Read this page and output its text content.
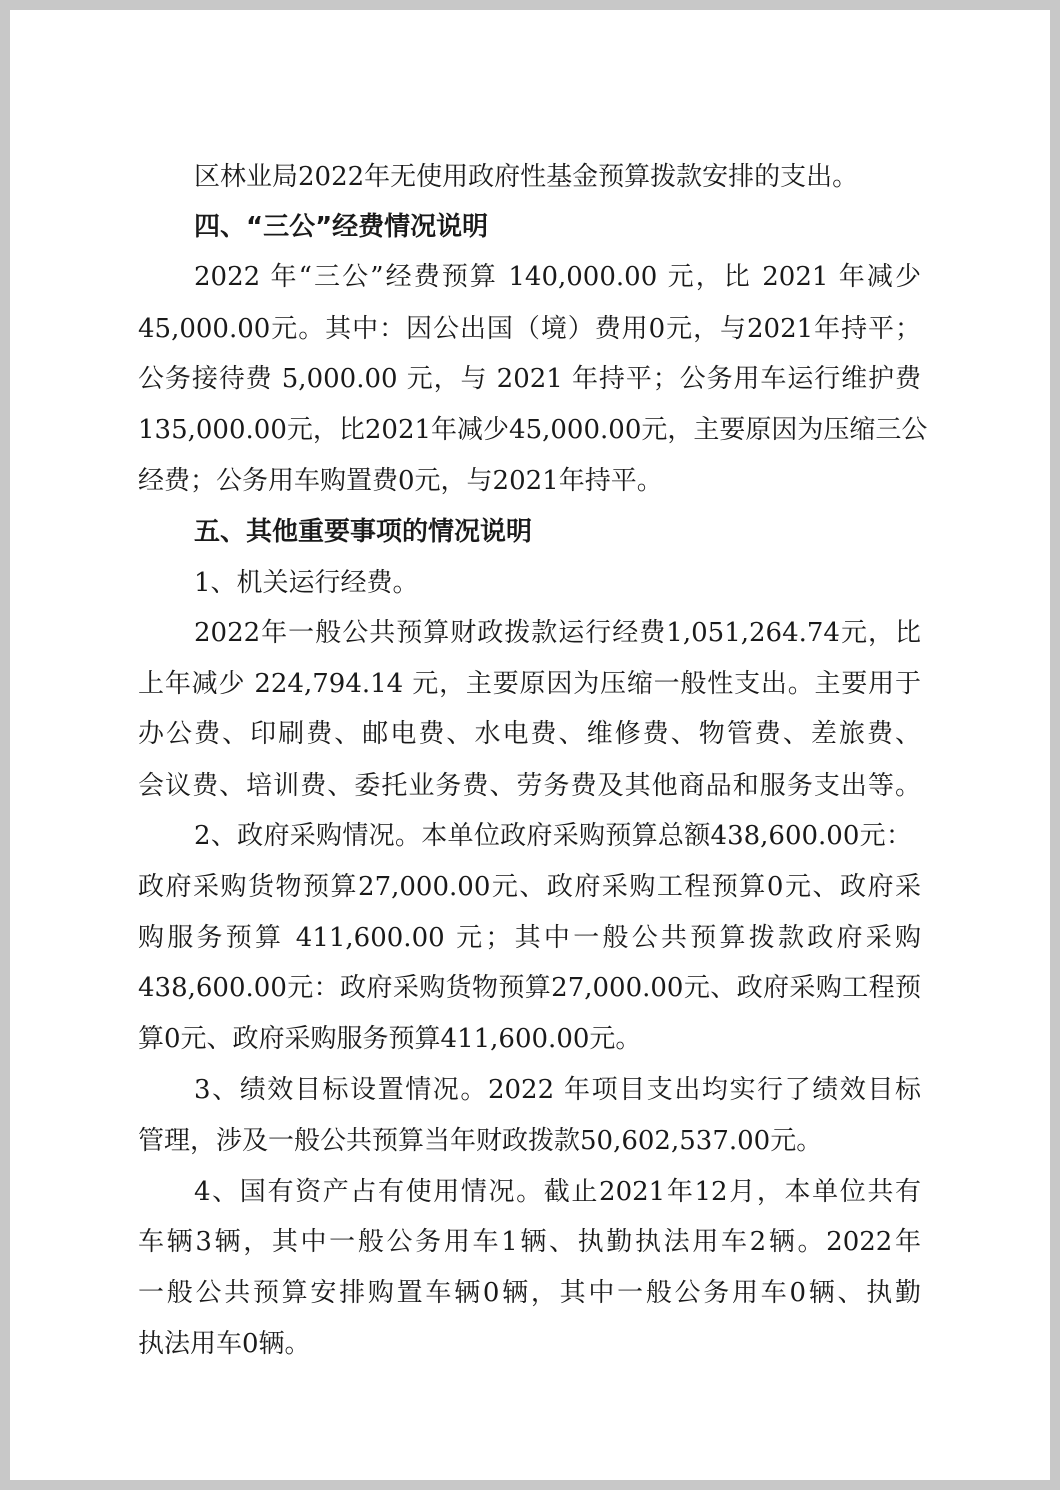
区林业局2022年无使用政府性基金预算拨款安排的支出。
四、“三公”经费情况说明
2022 年“三公”经费预算 140,000.00 元，比 2021 年减少
45,000.00元。其中：因公出国（境）费用0元，与2021年持平；
公务接待费 5,000.00 元，与 2021 年持平；公务用车运行维护费
135,000.00元，比2021年减少45,000.00元，主要原因为压缩三公
经费；公务用车购置费0元，与2021年持平。
五、其他重要事项的情况说明
1、机关运行经费。
2022年一般公共预算财政拨款运行经费1,051,264.74元，比
上年减少 224,794.14 元，主要原因为压缩一般性支出。主要用于
办公费、印刷费、邮电费、水电费、维修费、物管费、差旅费、
会议费、培训费、委托业务费、劳务费及其他商品和服务支出等。
2、政府采购情况。本单位政府采购预算总额438,600.00元：
政府采购货物预算27,000.00元、政府采购工程预算0元、政府采
购服务预算 411,600.00 元；其中一般公共预算拨款政府采购
438,600.00元：政府采购货物预算27,000.00元、政府采购工程预
算0元、政府采购服务预算411,600.00元。
3、绩效目标设置情况。2022 年项目支出均实行了绩效目标
管理，涉及一般公共预算当年财政拨款50,602,537.00元。
4、国有资产占有使用情况。截止2021年12月，本单位共有
车辆3辆，其中一般公务用车1辆、执勤执法用车2辆。2022年
一般公共预算安排购置车辆0辆，其中一般公务用车0辆、执勤
执法用车0辆。
